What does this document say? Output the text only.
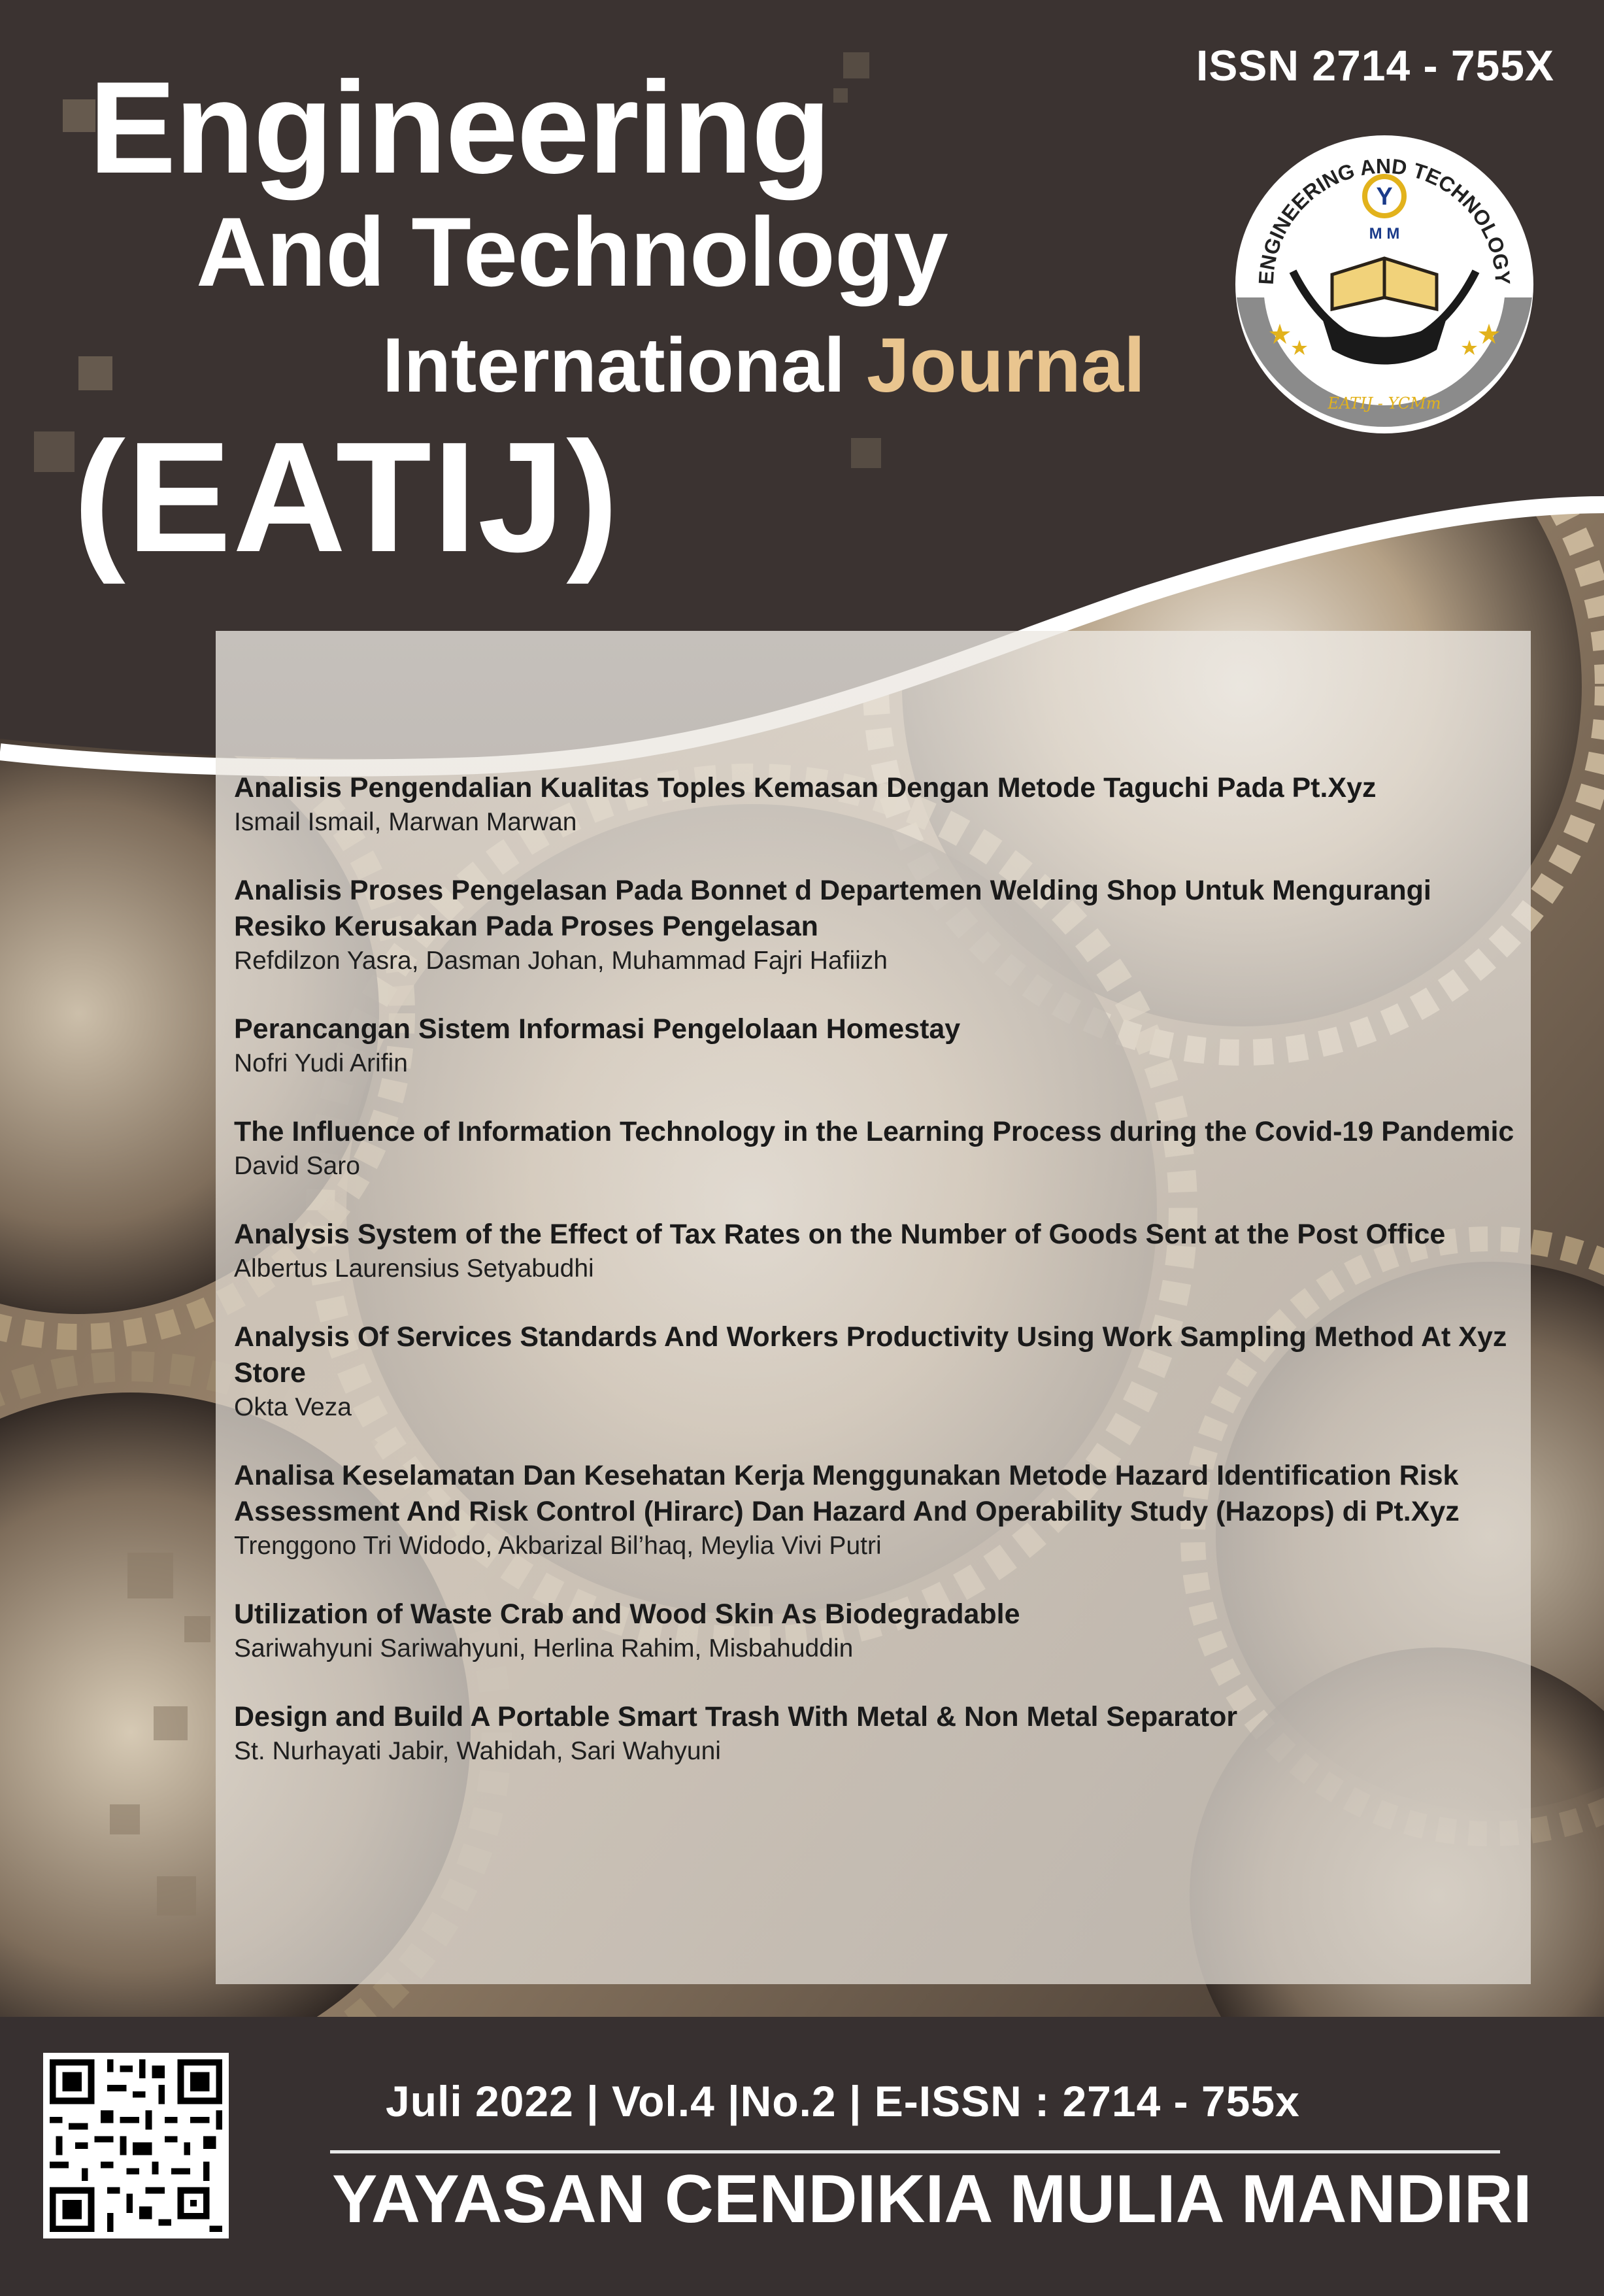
ISSN 2714 - 755X
Engineering
And Technology
International Journal
(EATIJ)
ENGINEERING AND TECHNOLOGY
Y
M M
EATIJ - YCMm
Analisis Pengendalian Kualitas Toples Kemasan Dengan Metode Taguchi Pada Pt.Xyz
Ismail Ismail, Marwan Marwan
Analisis Proses Pengelasan Pada Bonnet d Departemen Welding Shop Untuk Mengurangi Resiko Kerusakan Pada Proses Pengelasan
Refdilzon Yasra, Dasman Johan, Muhammad Fajri Hafiizh
Perancangan Sistem Informasi Pengelolaan Homestay
Nofri Yudi Arifin
The Influence of Information Technology in the Learning Process during the Covid-19 Pandemic
David Saro
Analysis System of the Effect of Tax Rates on the Number of Goods Sent at the Post Office
Albertus Laurensius Setyabudhi
Analysis Of Services Standards And Workers Productivity Using Work Sampling Method At Xyz Store
Okta Veza
Analisa Keselamatan Dan Kesehatan Kerja Menggunakan Metode Hazard Identification Risk Assessment And Risk Control (Hirarc) Dan Hazard And Operability Study (Hazops) di Pt.Xyz
Trenggono Tri Widodo, Akbarizal Bil’haq, Meylia Vivi Putri
Utilization of Waste Crab and Wood Skin As Biodegradable
Sariwahyuni Sariwahyuni, Herlina Rahim, Misbahuddin
Design and Build A Portable Smart Trash With Metal & Non Metal Separator
St. Nurhayati Jabir, Wahidah, Sari Wahyuni
Juli 2022 | Vol.4 |No.2 | E-ISSN : 2714 - 755x
YAYASAN CENDIKIA MULIA MANDIRI
